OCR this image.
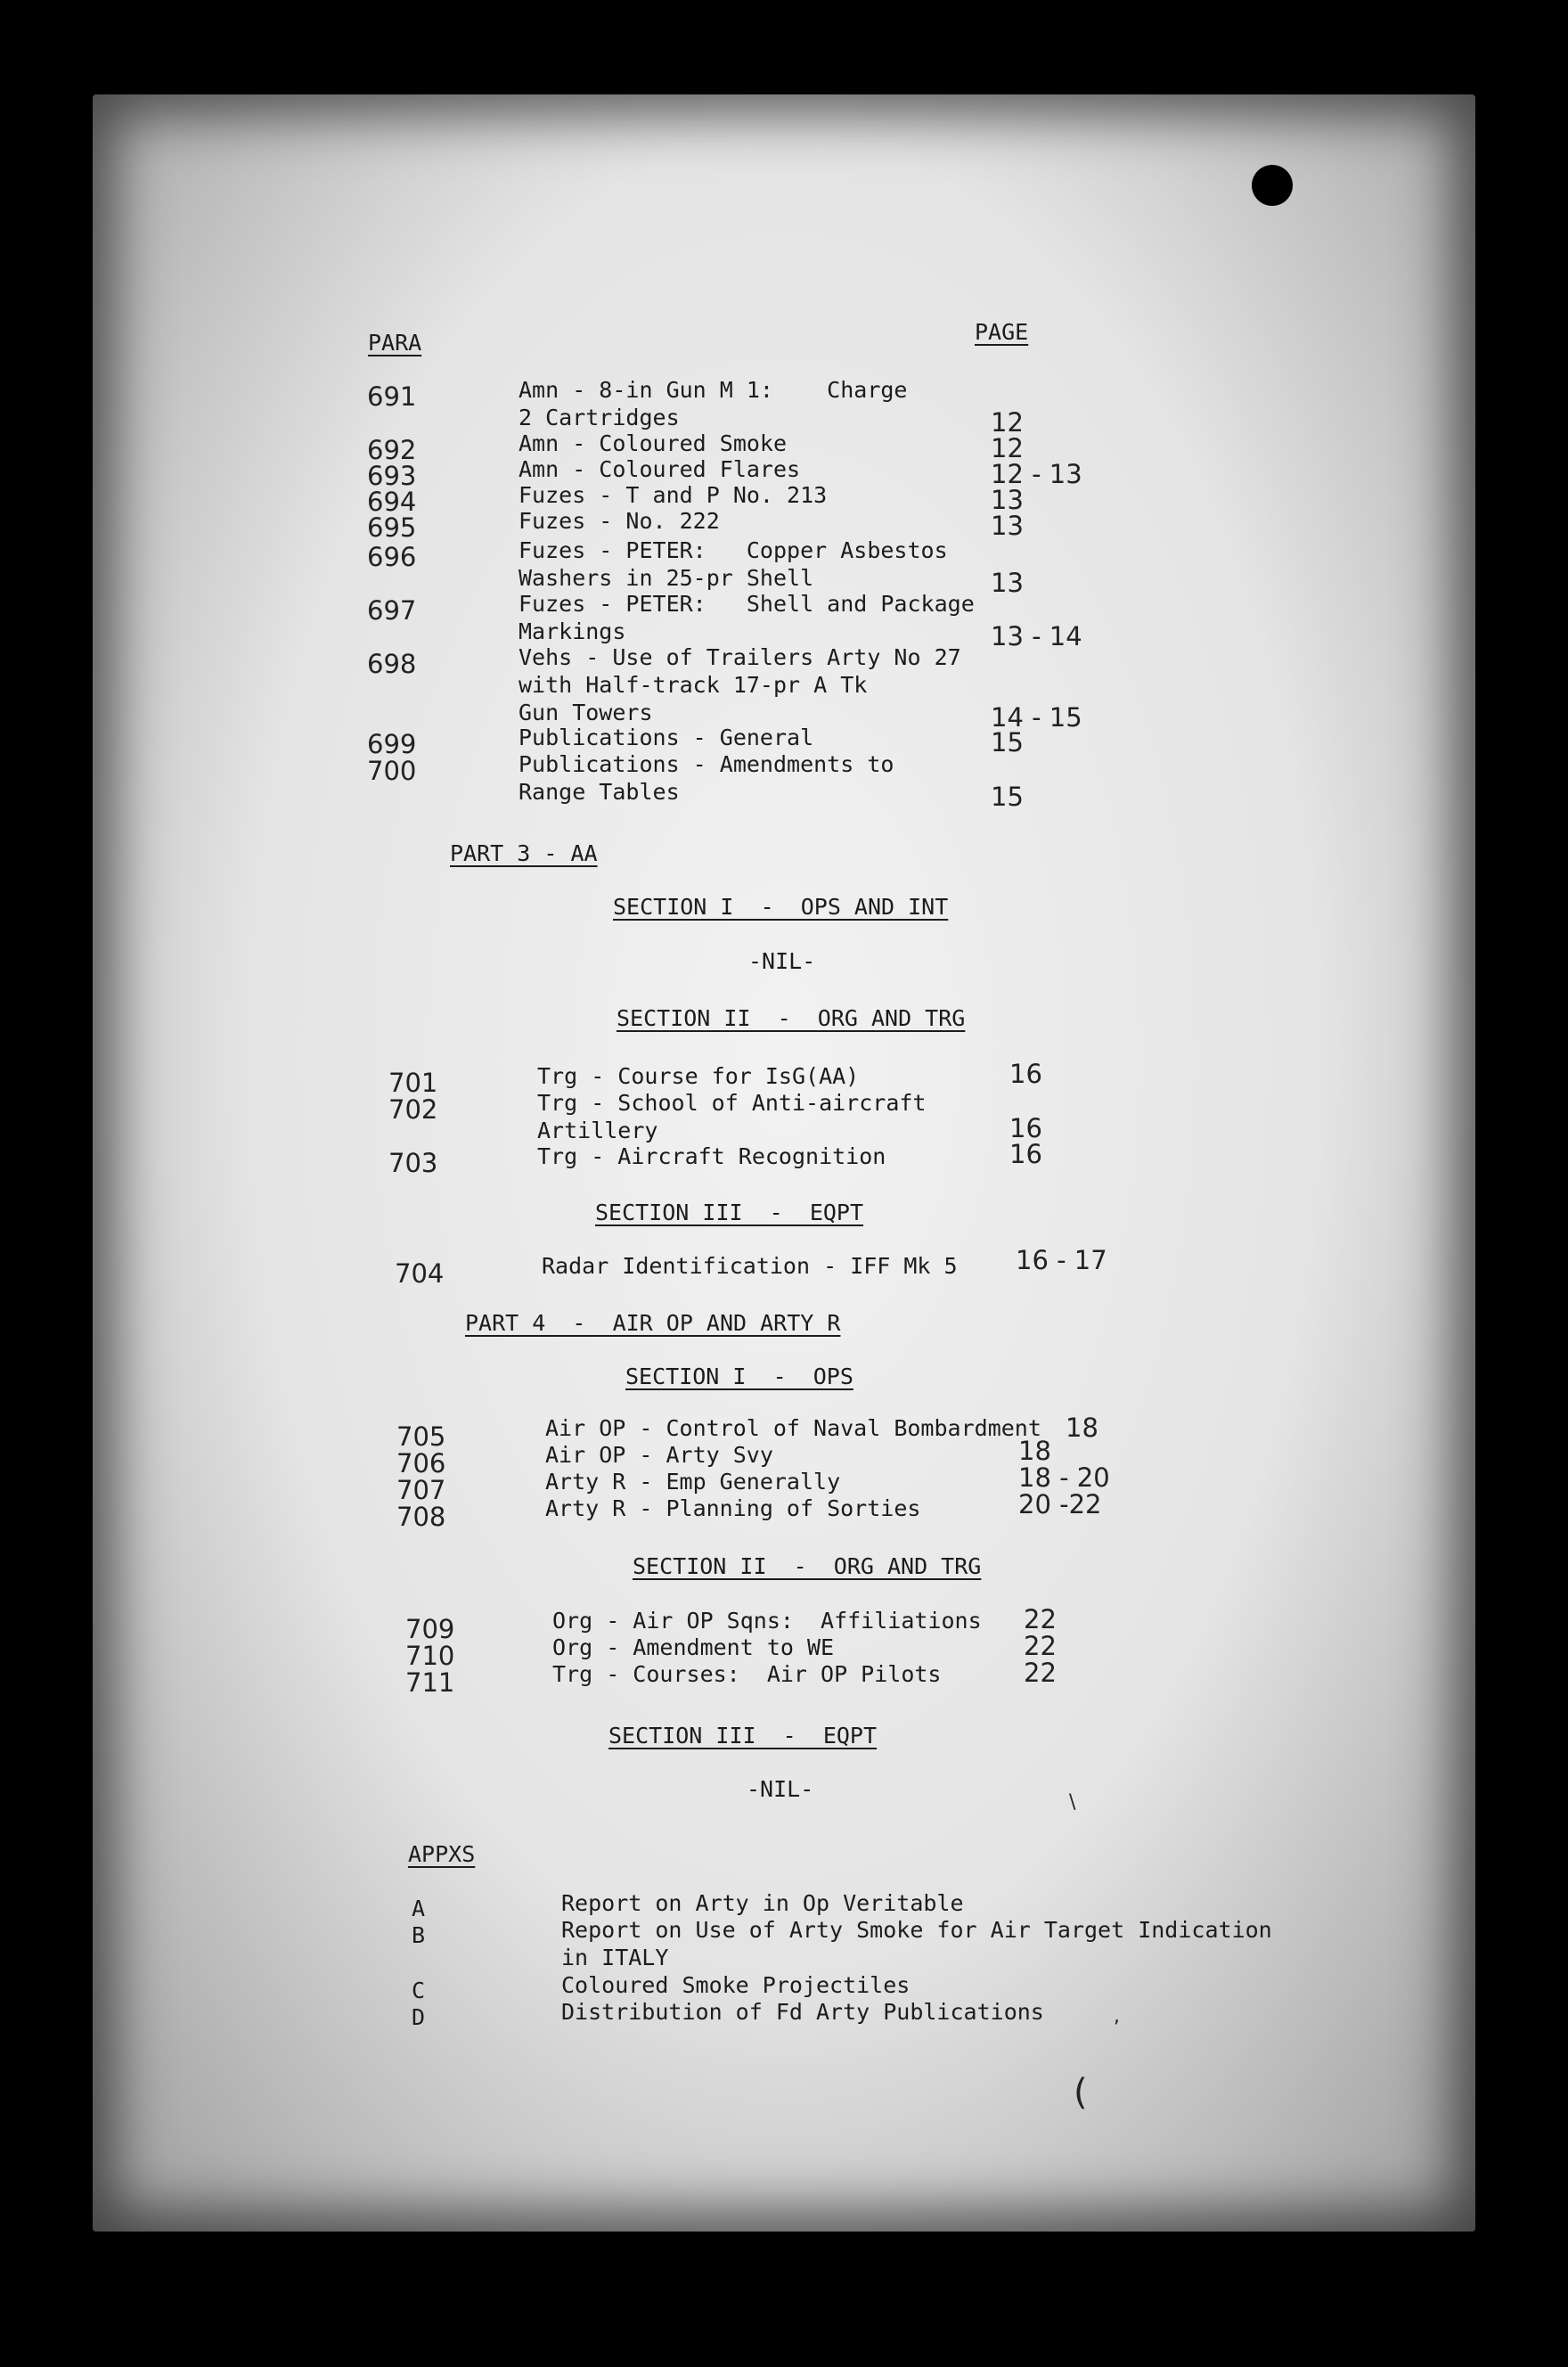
PARA	PAGE
691	Amn - 8-in Gun M 1:    Charge
2 Cartridges	12
692	Amn - Coloured Smoke	12
693	Amn - Coloured Flares	12 - 13
694	Fuzes - T and P No. 213	13
695	Fuzes - No. 222	13
696	Fuzes - PETER:   Copper Asbestos
Washers in 25-pr Shell	13
697	Fuzes - PETER:   Shell and Package
Markings	13 - 14
698	Vehs - Use of Trailers Arty No 27
with Half-track 17-pr A Tk
Gun Towers	14 - 15
699	Publications - General	15
700	Publications - Amendments to
Range Tables	15
PART 3 - AA
SECTION I  -  OPS AND INT
-NIL-
SECTION II  -  ORG AND TRG
701	Trg - Course for IsG(AA)	16
702	Trg - School of Anti-aircraft
Artillery	16
703	Trg - Aircraft Recognition	16
SECTION III  -  EQPT
704	Radar Identification - IFF Mk 5 16 - 17
PART 4  -  AIR OP AND ARTY R
SECTION I  -  OPS
705	Air OP - Control of Naval Bombardment 18
706	Air OP - Arty Svy	18
707	Arty R - Emp Generally	18 - 20
708	Arty R - Planning of Sorties	20 -22
SECTION II  -  ORG AND TRG
709	Org - Air OP Sqns:  Affiliations 22
710	Org - Amendment to WE	22
711	Trg - Courses:  Air OP Pilots	22
SECTION III  -  EQPT
-NIL-
APPXS
A	Report on Arty in Op Veritable
B	Report on Use of Arty Smoke for Air Target Indication
in ITALY
C	Coloured Smoke Projectiles
D	Distribution of Fd Arty Publications
(
,
\
